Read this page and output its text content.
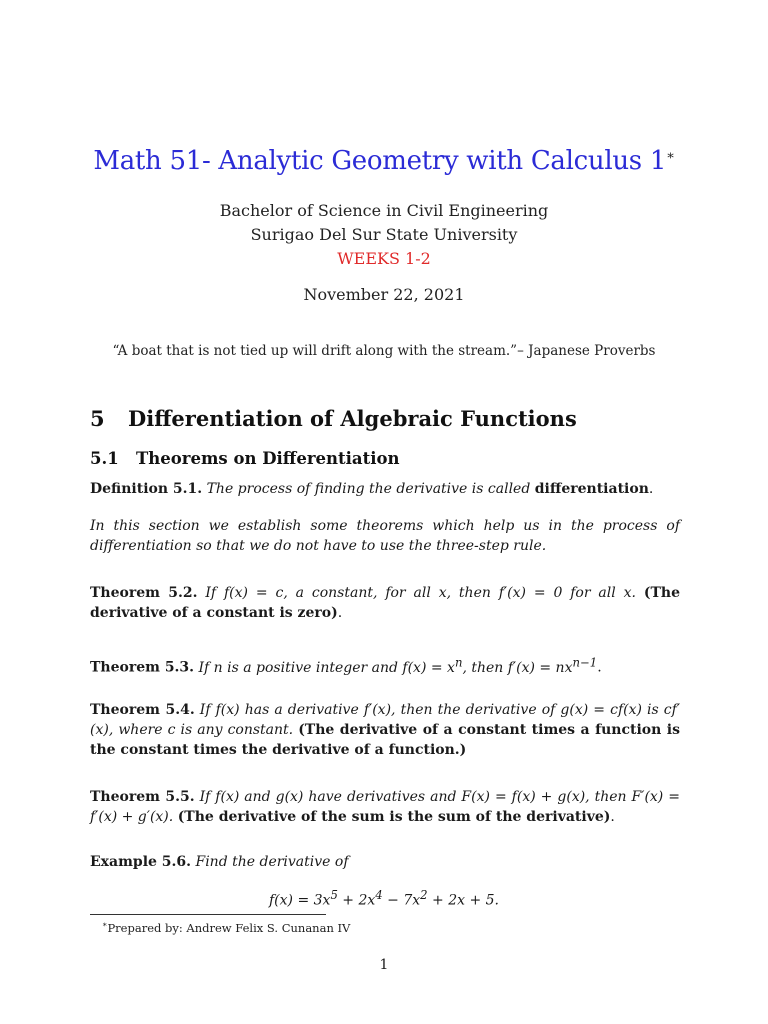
Math 51- Analytic Geometry with Calculus 1∗
Bachelor of Science in Civil Engineering
Surigao Del Sur State University
WEEKS 1-2
November 22, 2021
“A boat that is not tied up will drift along with the stream.”– Japanese Proverbs
5 Differentiation of Algebraic Functions
5.1 Theorems on Differentiation
Definition 5.1. The process of finding the derivative is called differentiation.
In this section we establish some theorems which help us in the process of differentiation so that we do not have to use the three-step rule.
Theorem 5.2. If f(x) = c, a constant, for all x, then f′(x) = 0 for all x. (The derivative of a constant is zero).
Theorem 5.3. If n is a positive integer and $f(x) = x^n$, then $f'(x) = nx^{n-1}$.
Theorem 5.4. If f(x) has a derivative f′(x), then the derivative of g(x) = cf(x) is cf′(x), where c is any constant. (The derivative of a constant times a function is the constant times the derivative of a function.)
Theorem 5.5. If f(x) and g(x) have derivatives and F(x) = f(x) + g(x), then F′(x) = f′(x) + g′(x). (The derivative of the sum is the sum of the derivative).
Example 5.6. Find the derivative of
$f(x) = 3x^5 + 2x^4 - 7x^2 + 2x + 5$.
∗Prepared by: Andrew Felix S. Cunanan IV
1
